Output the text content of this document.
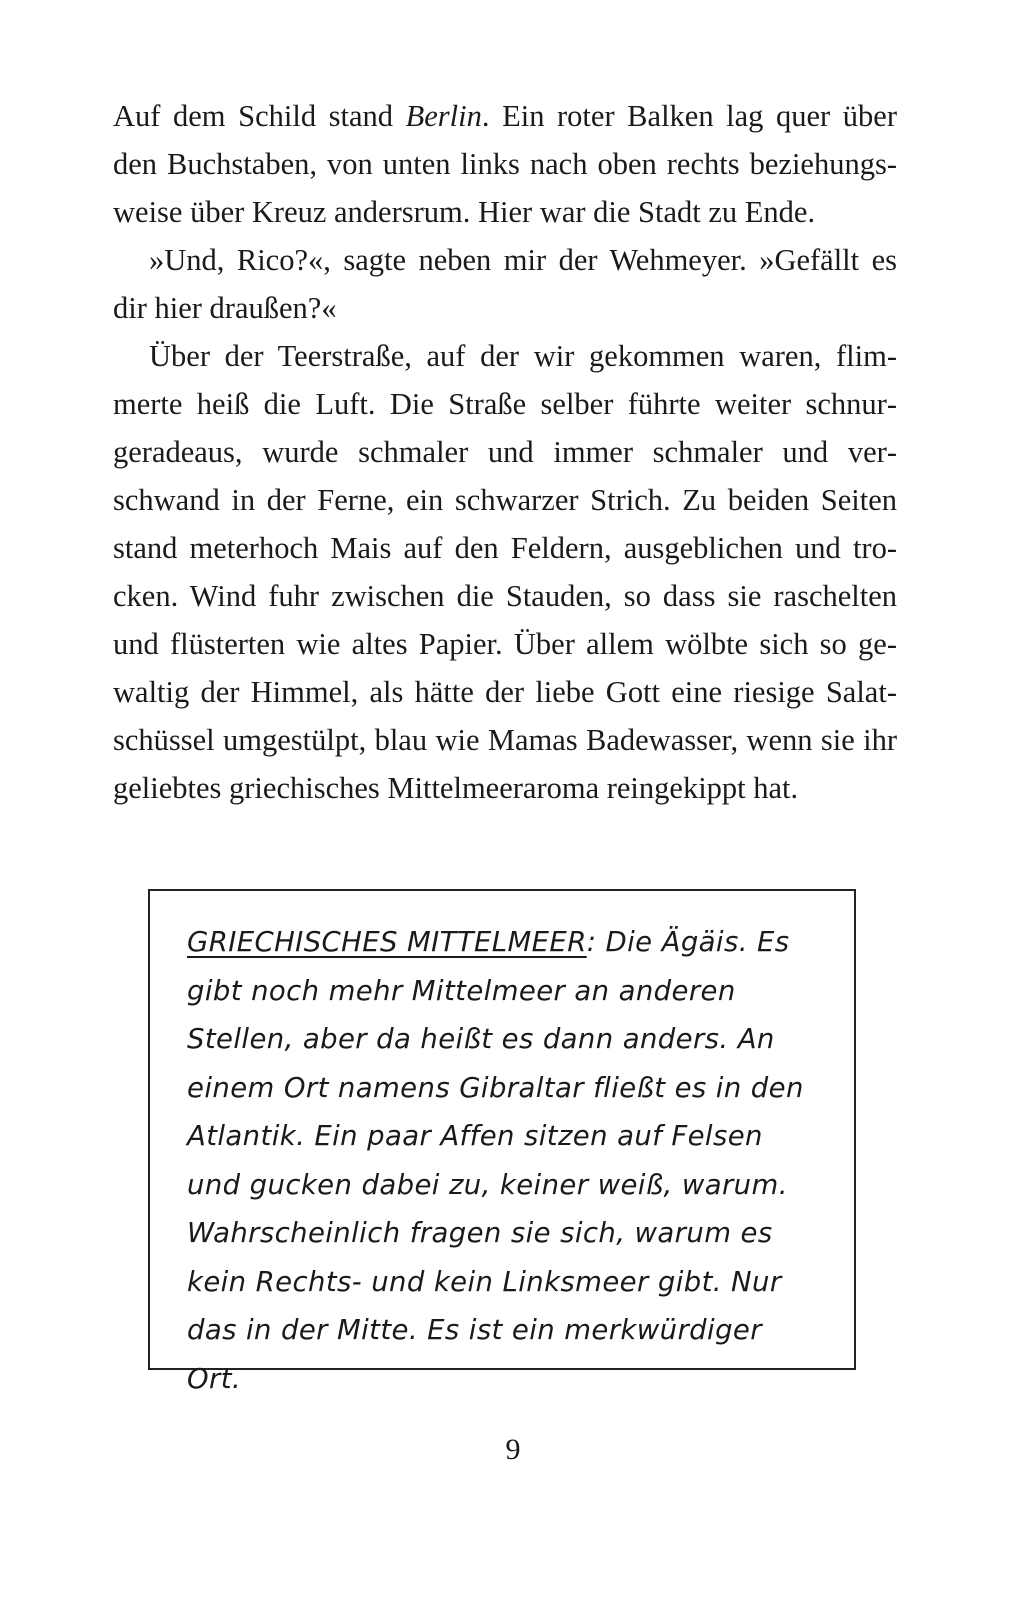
Auf dem Schild stand Berlin. Ein roter Balken lag quer über den Buchstaben, von unten links nach oben rechts beziehungsweise über Kreuz andersrum. Hier war die Stadt zu Ende.

»Und, Rico?«, sagte neben mir der Wehmeyer. »Gefällt es dir hier draußen?«

Über der Teerstraße, auf der wir gekommen waren, flimmerte heiß die Luft. Die Straße selber führte weiter schnurgeradeaus, wurde schmaler und immer schmaler und verschwand in der Ferne, ein schwarzer Strich. Zu beiden Seiten stand meterhoch Mais auf den Feldern, ausgeblichen und trocken. Wind fuhr zwischen die Stauden, so dass sie raschelten und flüsterten wie altes Papier. Über allem wölbte sich so gewaltig der Himmel, als hätte der liebe Gott eine riesige Salatschüssel umgestülpt, blau wie Mamas Badewasser, wenn sie ihr geliebtes griechisches Mittelmeeraroma reingekippt hat.

GRIECHISCHES MITTELMEER: Die Ägäis. Es gibt noch mehr Mittelmeer an anderen Stellen, aber da heißt es dann anders. An einem Ort namens Gibraltar fließt es in den Atlantik. Ein paar Affen sitzen auf Felsen und gucken dabei zu, keiner weiß, warum. Wahrscheinlich fragen sie sich, warum es kein Rechts- und kein Linksmeer gibt. Nur das in der Mitte. Es ist ein merkwürdiger Ort.
9
